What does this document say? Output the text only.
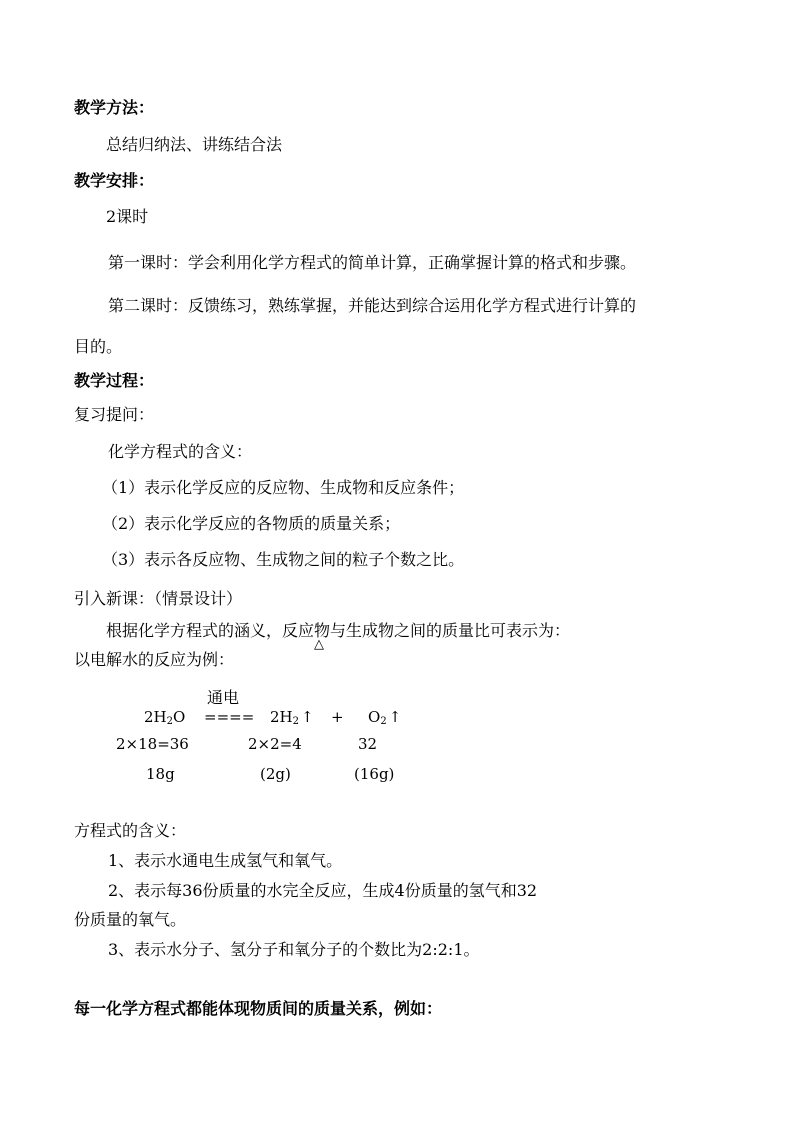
教学方法：
总结归纳法、讲练结合法
教学安排：
2课时
第一课时：学会利用化学方程式的简单计算，正确掌握计算的格式和步骤。
第二课时：反馈练习，熟练掌握，并能达到综合运用化学方程式进行计算的
目的。
教学过程：
复习提问：
化学方程式的含义：
（1）表示化学反应的反应物、生成物和反应条件；
（2）表示化学反应的各物质的质量关系；
（3）表示各反应物、生成物之间的粒子个数之比。
引入新课：（情景设计）
根据化学方程式的涵义，反应物与生成物之间的质量比可表示为：
△
以电解水的反应为例：
通电
$2H_2O$ ==== $2H_2$ ↑ + $O_2$ ↑
2×18=36	2×2=4	32
18g	(2g)	(16g)
方程式的含义：
1、表示水通电生成氢气和氧气。
2、表示每36份质量的水完全反应，生成4份质量的氢气和32
份质量的氧气。
3、表示水分子、氢分子和氧分子的个数比为2:2:1。
每一化学方程式都能体现物质间的质量关系，例如：
